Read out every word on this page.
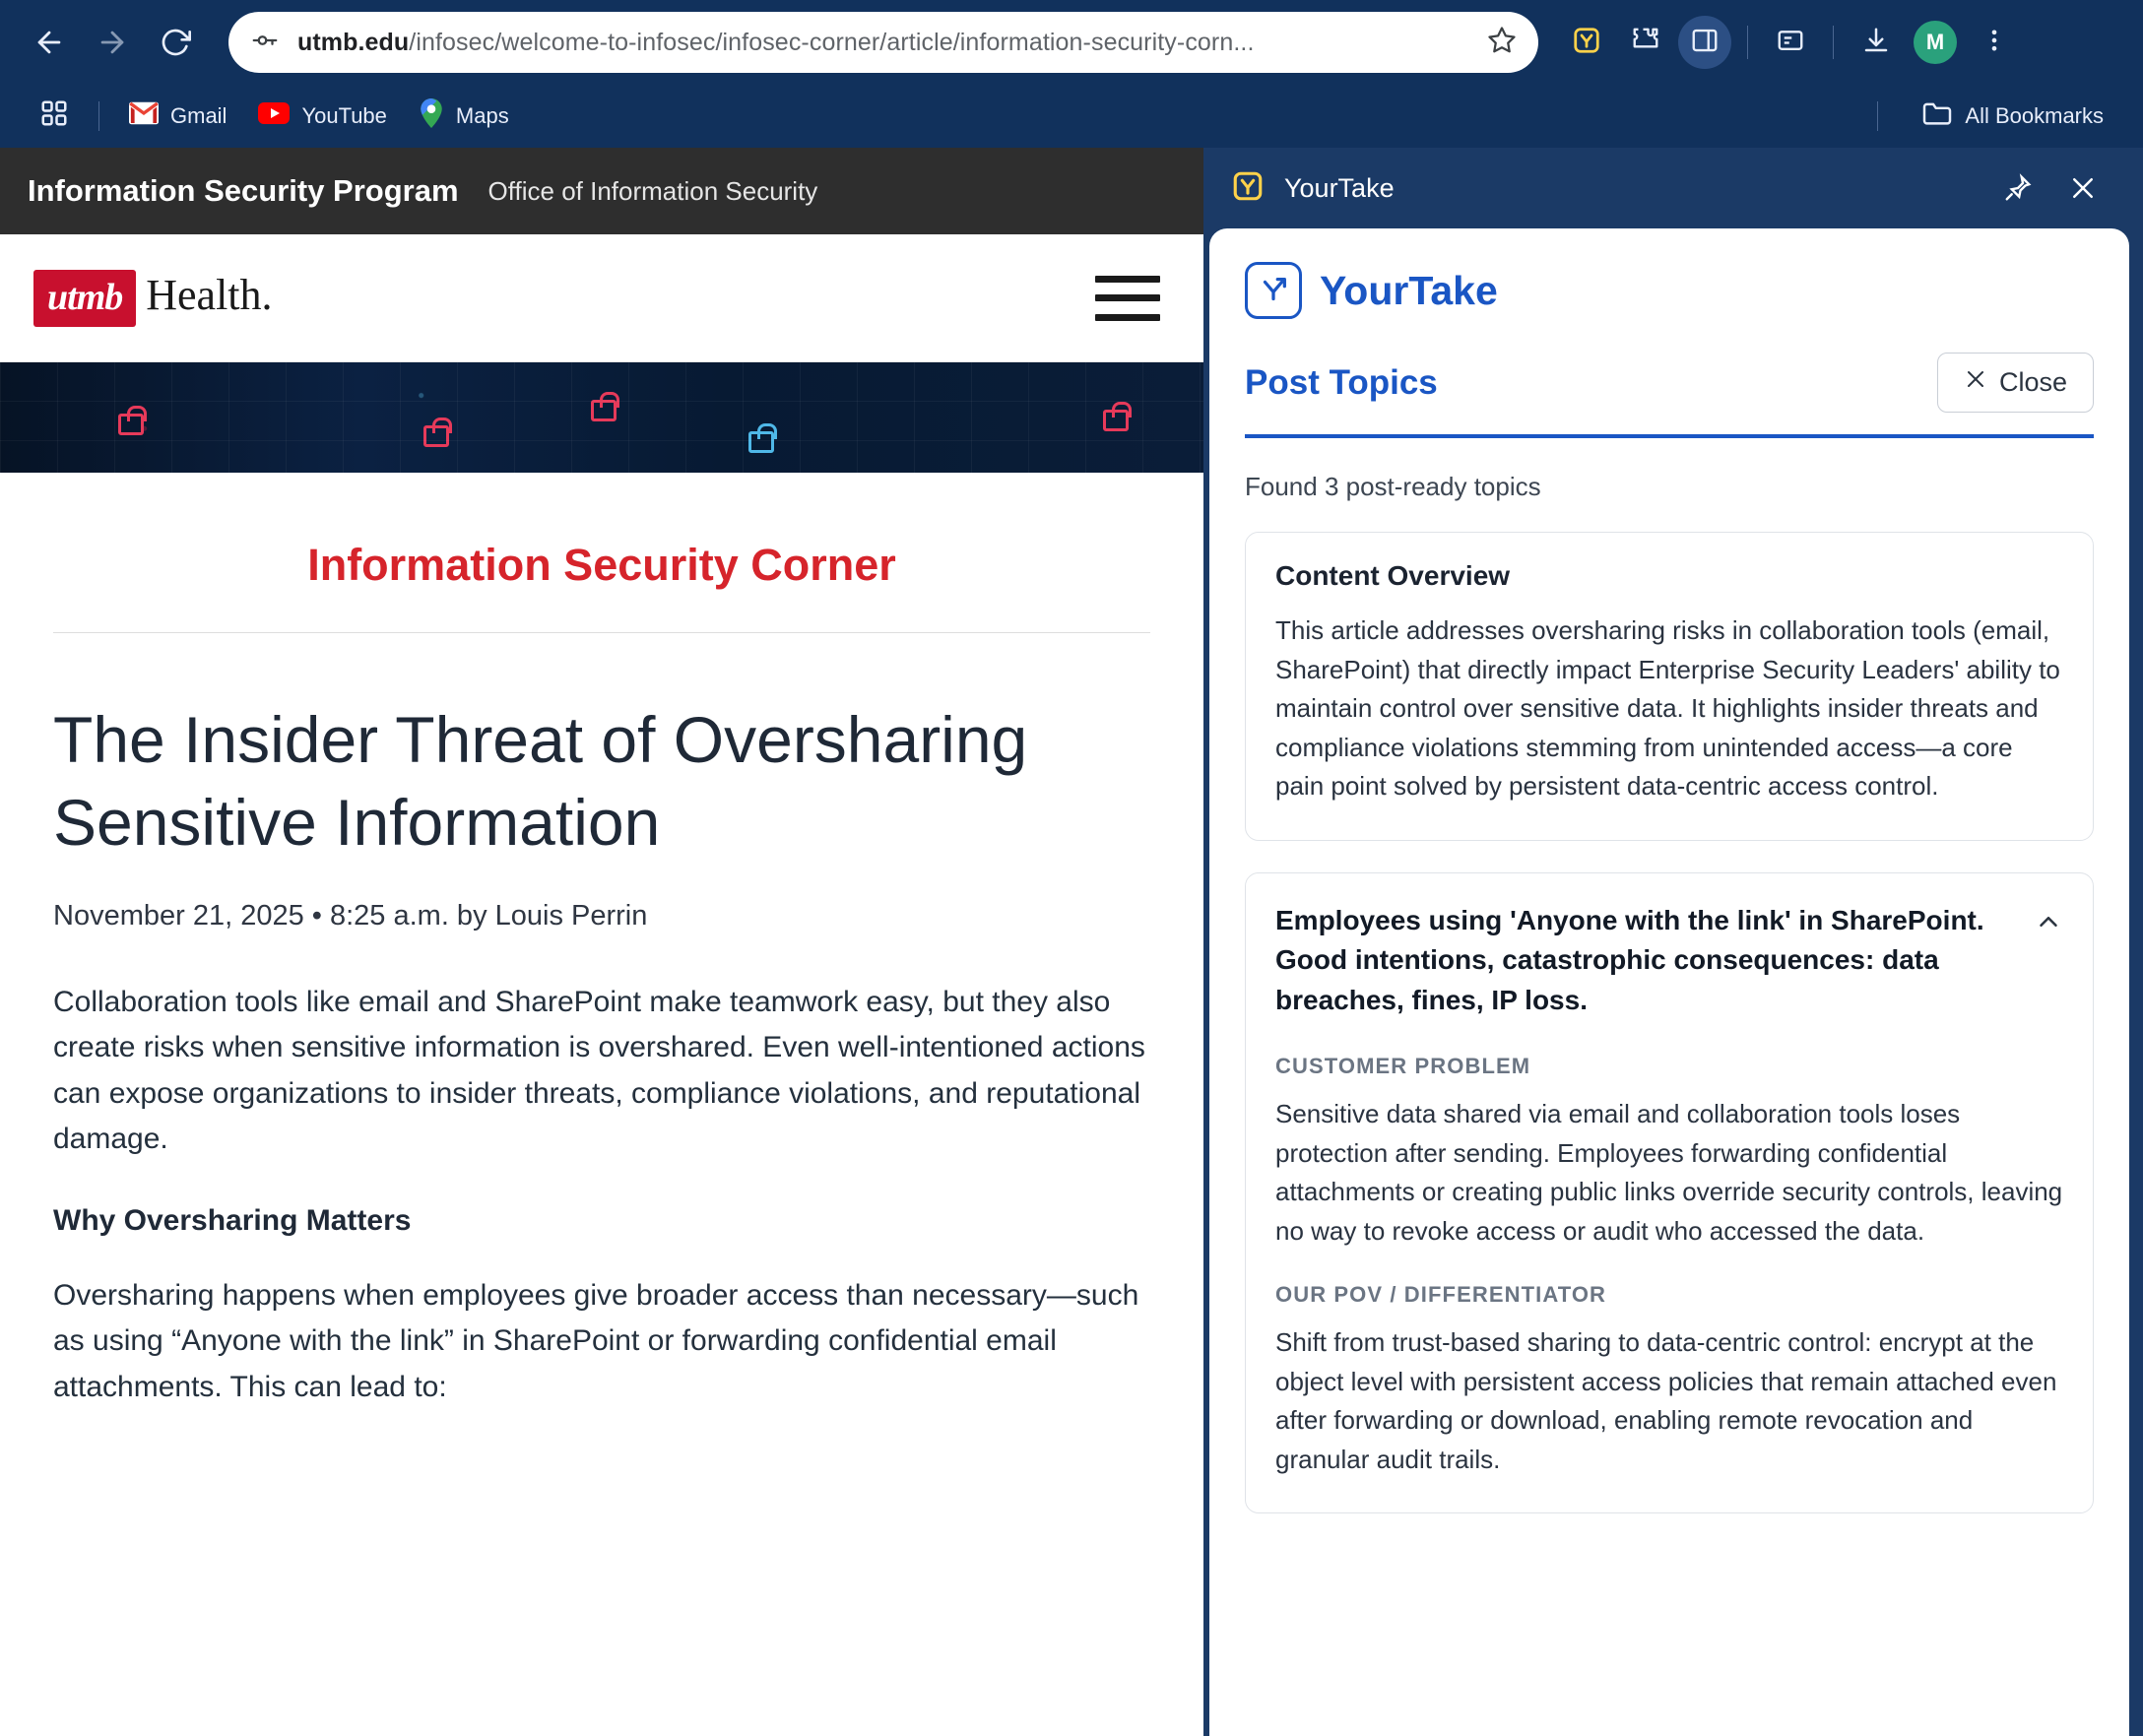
utmb.edu/infosec/welcome-to-infosec/infosec-corner/article/information-security-corn...	M
Gmail	YouTube	Maps	All Bookmarks
Information Security Program Office of Information Security
utmb Health.
Information Security Corner
The Insider Threat of Oversharing Sensitive Information
November 21, 2025 • 8:25 a.m. by Louis Perrin

Collaboration tools like email and SharePoint make teamwork easy, but they also create risks when sensitive information is overshared. Even well-intentioned actions can expose organizations to insider threats, compliance violations, and reputational damage.

Why Oversharing Matters

Oversharing happens when employees give broader access than necessary—such as using “Anyone with the link” in SharePoint or forwarding confidential email attachments. This can lead to:

YourTake
YourTake
Post Topics	Close
Found 3 post-ready topics
Content Overview
This article addresses oversharing risks in collaboration tools (email, SharePoint) that directly impact Enterprise Security Leaders' ability to maintain control over sensitive data. It highlights insider threats and compliance violations stemming from unintended access—a core pain point solved by persistent data-centric access control.
Employees using 'Anyone with the link' in SharePoint. Good intentions, catastrophic consequences: data breaches, fines, IP loss.
CUSTOMER PROBLEM
Sensitive data shared via email and collaboration tools loses protection after sending. Employees forwarding confidential attachments or creating public links override security controls, leaving no way to revoke access or audit who accessed the data.
OUR POV / DIFFERENTIATOR
Shift from trust-based sharing to data-centric control: encrypt at the object level with persistent access policies that remain attached even after forwarding or download, enabling remote revocation and granular audit trails.
